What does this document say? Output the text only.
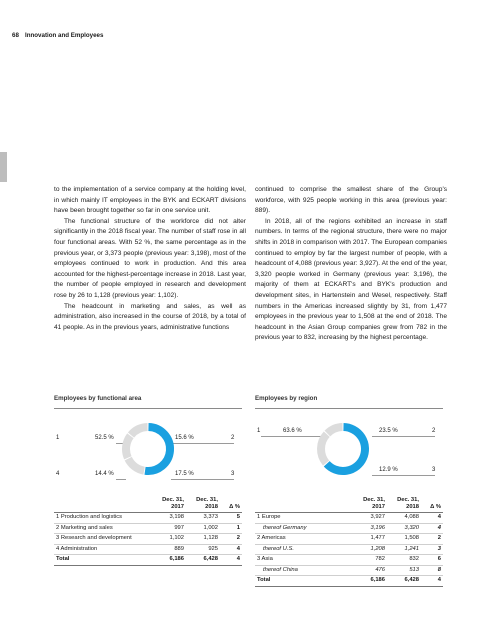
68 Innovation and Employees

to the implementation of a service company at the holding level, in which mainly IT employees in the BYK and ECKART divisions have been brought together so far in one service unit.

The functional structure of the workforce did not alter significantly in the 2018 fiscal year. The number of staff rose in all four functional areas. With 52 %, the same percentage as in the previous year, or 3,373 people (previous year: 3,198), most of the employees continued to work in production. And this area accounted for the highest-percentage increase in 2018. Last year, the number of people employed in research and development rose by 26 to 1,128 (previous year: 1,102).

The headcount in marketing and sales, as well as administration, also increased in the course of 2018, by a total of 41 people. As in the previous years, administrative functions

continued to comprise the smallest share of the Group's workforce, with 925 people working in this area (previous year: 889).

In 2018, all of the regions exhibited an increase in staff numbers. In terms of the regional structure, there were no major shifts in 2018 in comparison with 2017. The European companies continued to employ by far the largest number of people, with a headcount of 4,088 (previous year: 3,927). At the end of the year, 3,320 people worked in Germany (previous year: 3,196), the majority of them at ECKART's and BYK's production and development sites, in Hartenstein and Wesel, respectively. Staff numbers in the Americas increased slightly by 31, from 1,477 employees in the previous year to 1,508 at the end of 2018. The headcount in the Asian Group companies grew from 782 in the previous year to 832, increasing by the highest percentage.

Employees by functional area	Employees by region
1	52.5 %	15.6 %	2
4	14.4 %	17.5 %	3
1	63.6 %	23.5 %	2
12.9 %	3
	Dec. 31, 2017	Dec. 31, 2018	Δ %
1 Production and logistics	3,198	3,373	5
2 Marketing and sales	997	1,002	1
3 Research and development	1,102	1,128	2
4 Administration	889	925	4
Total	6,186	6,428	4
	Dec. 31, 2017	Dec. 31, 2018	Δ %
1 Europe	3,927	4,088	4
thereof Germany	3,196	3,320	4
2 Americas	1,477	1,508	2
thereof U.S.	1,208	1,241	3
3 Asia	782	832	6
thereof China	476	513	8
Total	6,186	6,428	4
